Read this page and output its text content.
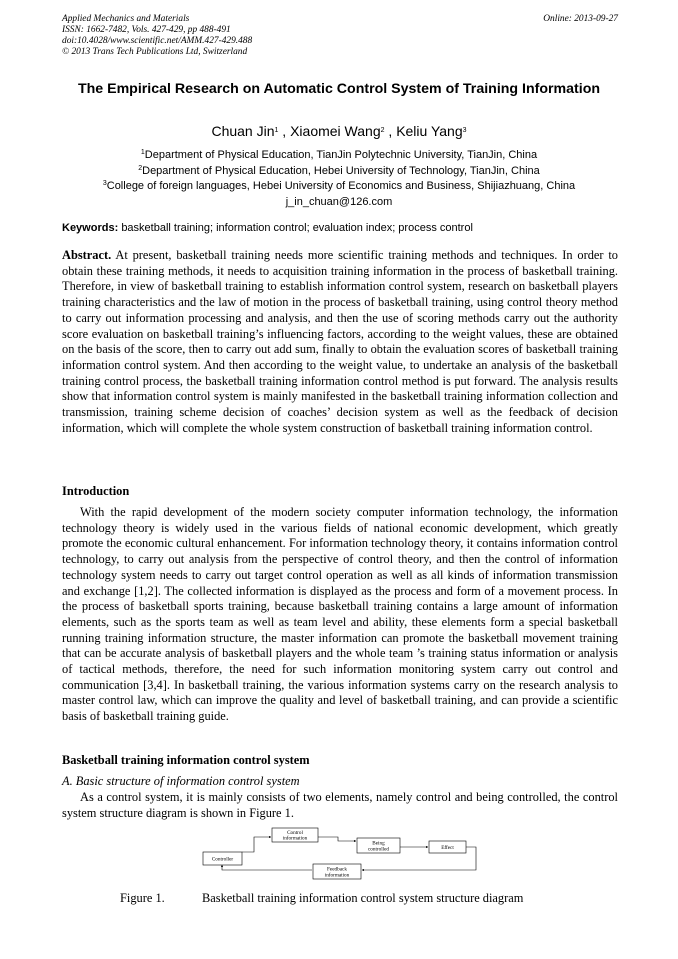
Applied Mechanics and Materials
ISSN: 1662-7482, Vols. 427-429, pp 488-491
doi:10.4028/www.scientific.net/AMM.427-429.488
© 2013 Trans Tech Publications Ltd, Switzerland
Online: 2013-09-27
The Empirical Research on Automatic Control System of Training Information
Chuan Jin$^1$ , Xiaomei Wang$^2$ , Keliu Yang$^3$
$^1$Department of Physical Education, TianJin Polytechnic University, TianJin, China
$^2$Department of Physical Education, Hebei University of Technology, TianJin, China
$^3$College of foreign languages, Hebei University of Economics and Business, Shijiazhuang, China
j_in_chuan@126.com
Keywords: basketball training; information control; evaluation index; process control
Abstract. At present, basketball training needs more scientific training methods and techniques. In order to obtain these training methods, it needs to acquisition training information in the process of basketball training. Therefore, in view of basketball training to establish information control system, research on basketball players training characteristics and the law of motion in the process of basketball training, using control theory method to carry out information processing and analysis, and then the use of scoring methods carry out the authority score evaluation on basketball training’s influencing factors, according to the weight values, these are obtained on the basis of the score, then to carry out add sum, finally to obtain the evaluation scores of basketball training information control system. And then according to the weight value, to undertake an analysis of the basketball training control process, the basketball training information control method is put forward. The analysis results show that information control system is mainly manifested in the basketball training information collection and transmission, training scheme decision of coaches’ decision system as well as the feedback of decision information, which will complete the whole system construction of basketball training information control.
Introduction
With the rapid development of the modern society computer information technology, the information technology theory is widely used in the various fields of national economic development, which greatly promote the economic cultural enhancement. For information technology theory, it contains information control technology, to carry out analysis from the perspective of control theory, and then the control of information technology system needs to carry out target control operation as well as all kinds of information transmission and exchange [1,2]. The collected information is displayed as the process and form of a movement process. In the process of basketball sports training, because basketball training contains a large amount of information elements, such as the sports team as well as team level and ability, these elements form a special basketball running training information structure, the master information can promote the basketball movement training that can be accurate analysis of basketball players and the whole team ’s training status information or analysis of tactical methods, therefore, the need for such information monitoring system carry out control and communication [3,4]. In basketball training, the various information systems carry on the research analysis to master control law, which can improve the quality and level of basketball training, and can provide a scientific basis of basketball training guide.
Basketball training information control system
A. Basic structure of information control system
As a control system, it is mainly consists of two elements, namely control and being controlled, the control system structure diagram is shown in Figure 1.
Controller
Control
information
Being
controlled	Effect
Feedback
information
Figure 1.	Basketball training information control system structure diagram
